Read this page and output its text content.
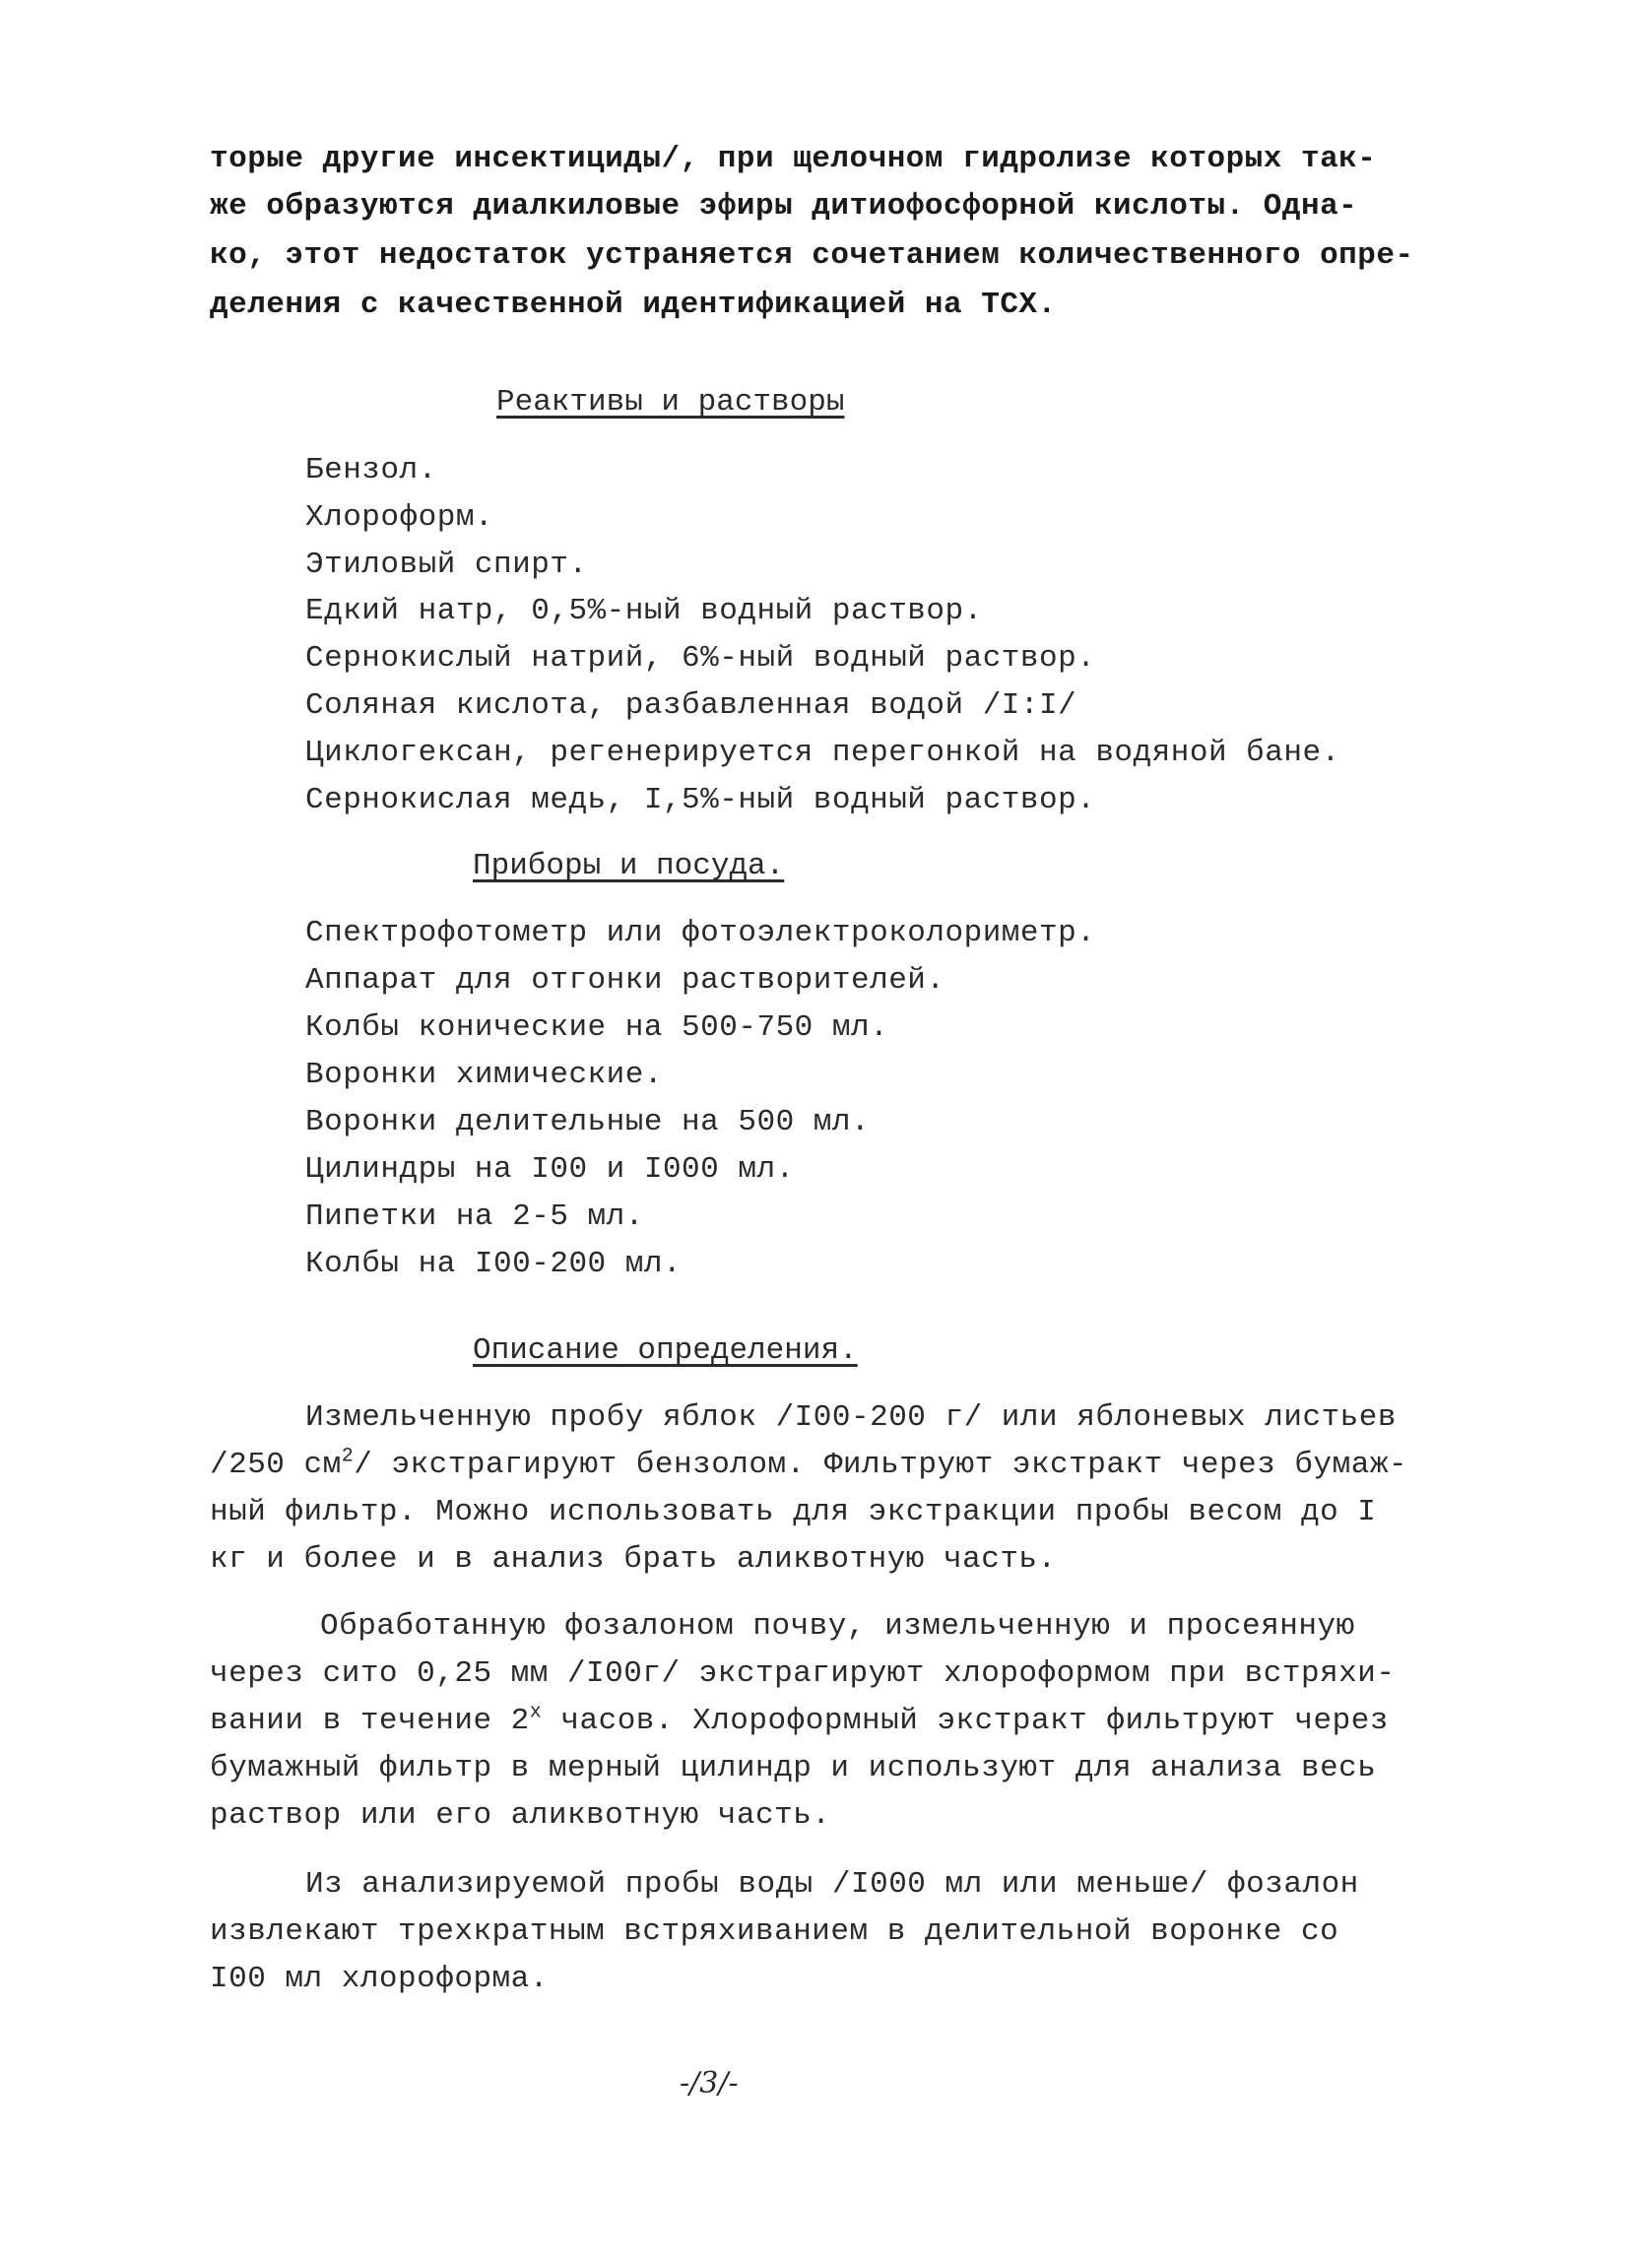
торые другие инсектициды/, при щелочном гидролизе которых так-
же образуются диалкиловые эфиры дитиофосфорной кислоты. Одна-
ко, этот недостаток устраняется сочетанием количественного опре-
деления с качественной идентификацией на ТСХ.
Реактивы и растворы
Бензол.
Хлороформ.
Этиловый спирт.
Едкий натр, 0,5%-ный водный раствор.
Сернокислый натрий, 6%-ный водный раствор.
Соляная кислота, разбавленная водой /I:I/
Циклогексан, регенерируется перегонкой на водяной бане.
Сернокислая медь, I,5%-ный водный раствор.
Приборы и посуда.
Спектрофотометр или фотоэлектроколориметр.
Аппарат для отгонки растворителей.
Колбы конические на 500-750 мл.
Воронки химические.
Воронки делительные на 500 мл.
Цилиндры на I00 и I000 мл.
Пипетки на 2-5 мл.
Колбы на I00-200 мл.
Описание определения.
Измельченную пробу яблок /I00-200 г/ или яблоневых листьев
/250 $см^2/$ экстрагируют бензолом. Фильтруют экстракт через бумаж-
ный фильтр. Можно использовать для экстракции пробы весом до I
кг и более и в анализ брать аликвотную часть.
Обработанную фозалоном почву, измельченную и просеянную
через сито 0,25 мм /I00г/ экстрагируют хлороформом при встряхи-
вании в течение $2^х$ часов. Хлороформный экстракт фильтруют через
бумажный фильтр в мерный цилиндр и используют для анализа весь
раствор или его аликвотную часть.
Из анализируемой пробы воды /I000 мл или меньше/ фозалон
извлекают трехкратным встряхиванием в делительной воронке со
I00 мл хлороформа.
-/3/-
